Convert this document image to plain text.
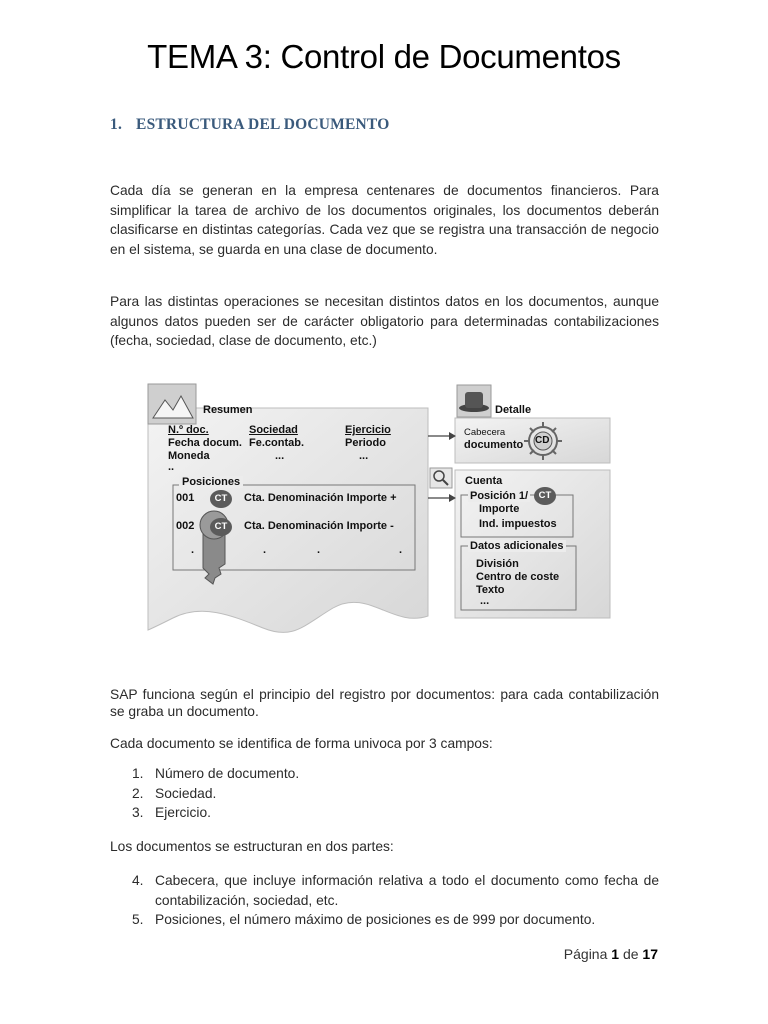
TEMA 3: Control de Documentos
1. ESTRUCTURA DEL DOCUMENTO
Cada día se generan en la empresa centenares de documentos financieros. Para simplificar la tarea de archivo de los documentos originales, los documentos deberán clasificarse en distintas categorías. Cada vez que se registra una transacción de negocio en el sistema, se guarda en una clase de documento.
Para las distintas operaciones se necesitan distintos datos en los documentos, aunque algunos datos pueden ser de carácter obligatorio para determinadas contabilizaciones (fecha, sociedad, clase de documento, etc.)
Resumen	Detalle
N.º doc.	Sociedad	Ejercicio
Fecha docum. Fe.contab.	Periodo
Moneda	...	...
..
Posiciones
001	CT	Cta. Denominación Importe +
002	CT	Cta. Denominación Importe -
.	.	.	.
Cabecera
documento CD
Cuenta
Posición 1/	CT
Importe
Ind. impuestos
Datos adicionales
División
Centro de coste
Texto
...
SAP funciona según el principio del registro por documentos: para cada contabilización se graba un documento.
Cada documento se identifica de forma univoca por 3 campos:
1. Número de documento.
2. Sociedad.
3. Ejercicio.
Los documentos se estructuran en dos partes:
4. Cabecera, que incluye información relativa a todo el documento como fecha de contabilización, sociedad, etc.
5. Posiciones, el número máximo de posiciones es de 999 por documento.
Página 1 de 17
